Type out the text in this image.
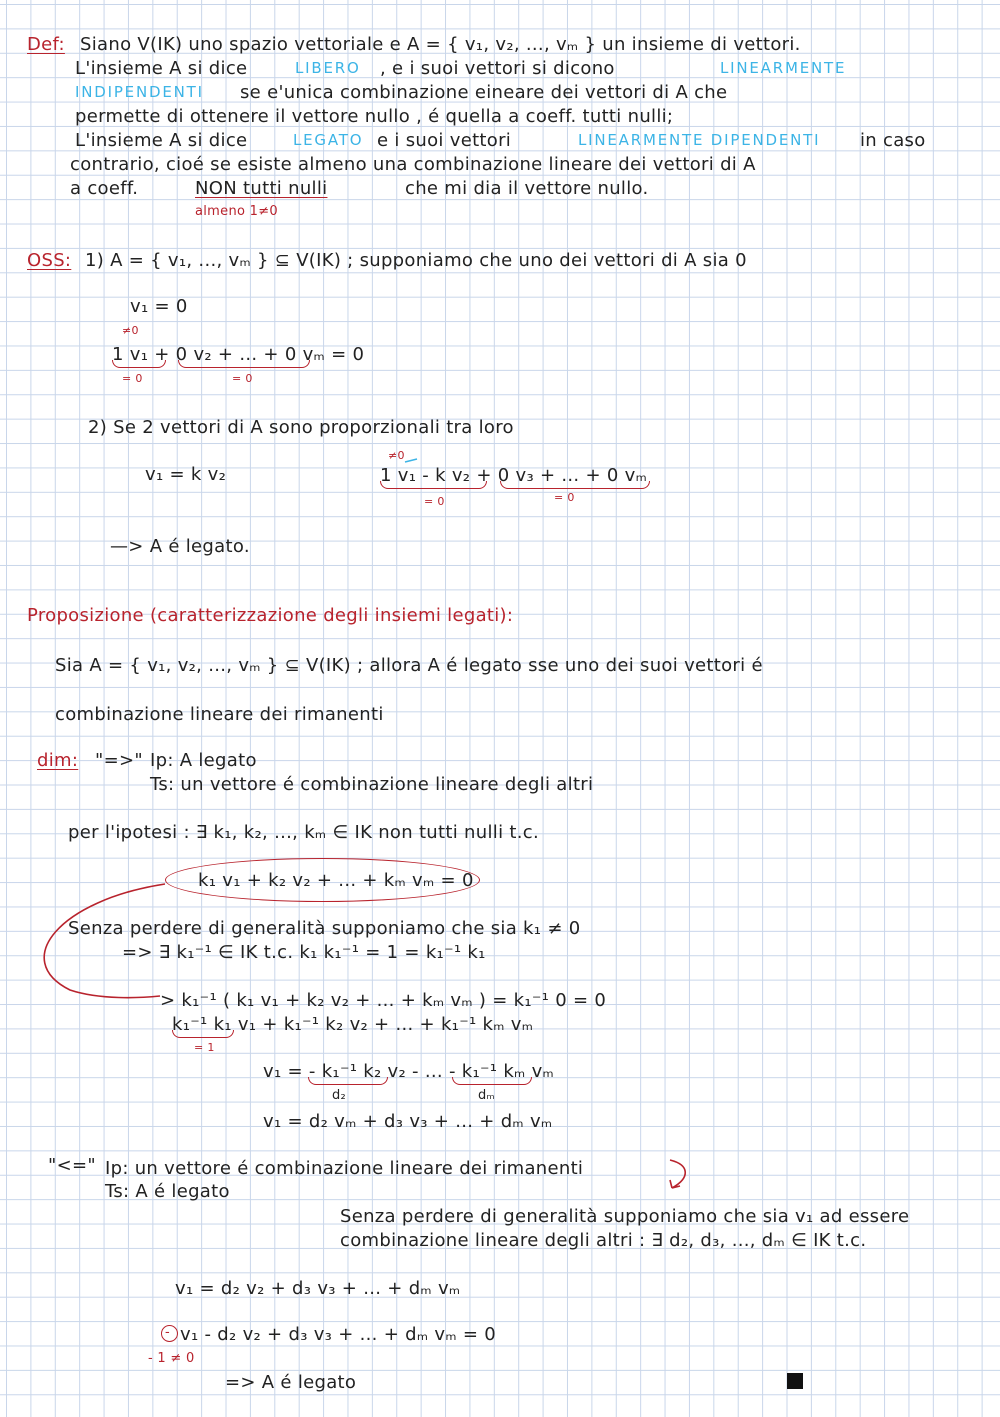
Def: Siano V(IK) uno spazio vettoriale e A = { v₁, v₂, ..., vₘ } un insieme di vettori.
L'insieme A si dice	LIBERO , e i suoi vettori si dicono	LINEARMENTE
INDIPENDENTI se e'unica combinazione eineare dei vettori di A che
permette di ottenere il vettore nullo , é quella a coeff. tutti nulli;
L'insieme A si dice	LEGATO e i suoi vettori	LINEARMENTE DIPENDENTI in caso
contrario, cioé se esiste almeno una combinazione lineare dei vettori di A
a coeff.	NON tutti nulli	che mi dia il vettore nullo.
almeno 1≠0
OSS: 1) A = { v₁, ..., vₘ } ⊆ V(IK) ; supponiamo che uno dei vettori di A sia 0
v₁ = 0
≠0
1 v₁ + 0 v₂ + ... + 0 vₘ = 0
= 0	= 0
2) Se 2 vettori di A sono proporzionali tra loro
v₁ = k v₂
≠0
1 v₁ - k v₂ + 0 v₃ + ... + 0 vₘ
= 0	= 0
—> A é legato.
Proposizione (caratterizzazione degli insiemi legati):
Sia A = { v₁, v₂, ..., vₘ } ⊆ V(IK) ; allora A é legato sse uno dei suoi vettori é
combinazione lineare dei rimanenti
dim: "=>" Ip: A legato
Ts: un vettore é combinazione lineare degli altri
per l'ipotesi : ∃ k₁, k₂, ..., kₘ ∈ IK non tutti nulli t.c.
k₁ v₁ + k₂ v₂ + ... + kₘ vₘ = 0
Senza perdere di generalità supponiamo che sia k₁ ≠ 0
=> ∃ k₁⁻¹ ∈ IK t.c. k₁ k₁⁻¹ = 1 = k₁⁻¹ k₁
> k₁⁻¹ ( k₁ v₁ + k₂ v₂ + ... + kₘ vₘ ) = k₁⁻¹ 0 = 0
k₁⁻¹ k₁ v₁ + k₁⁻¹ k₂ v₂ + ... + k₁⁻¹ kₘ vₘ
= 1
v₁ = - k₁⁻¹ k₂ v₂ - ... - k₁⁻¹ kₘ vₘ
d₂	dₘ
v₁ = d₂ vₘ + d₃ v₃ + ... + dₘ vₘ
"<=" Ip: un vettore é combinazione lineare dei rimanenti
Ts: A é legato
Senza perdere di generalità supponiamo che sia v₁ ad essere
combinazione lineare degli altri : ∃ d₂, d₃, ..., dₘ ∈ IK t.c.
v₁ = d₂ v₂ + d₃ v₃ + ... + dₘ vₘ
- v₁ - d₂ v₂ + d₃ v₃ + ... + dₘ vₘ = 0
- 1 ≠ 0
=> A é legato
